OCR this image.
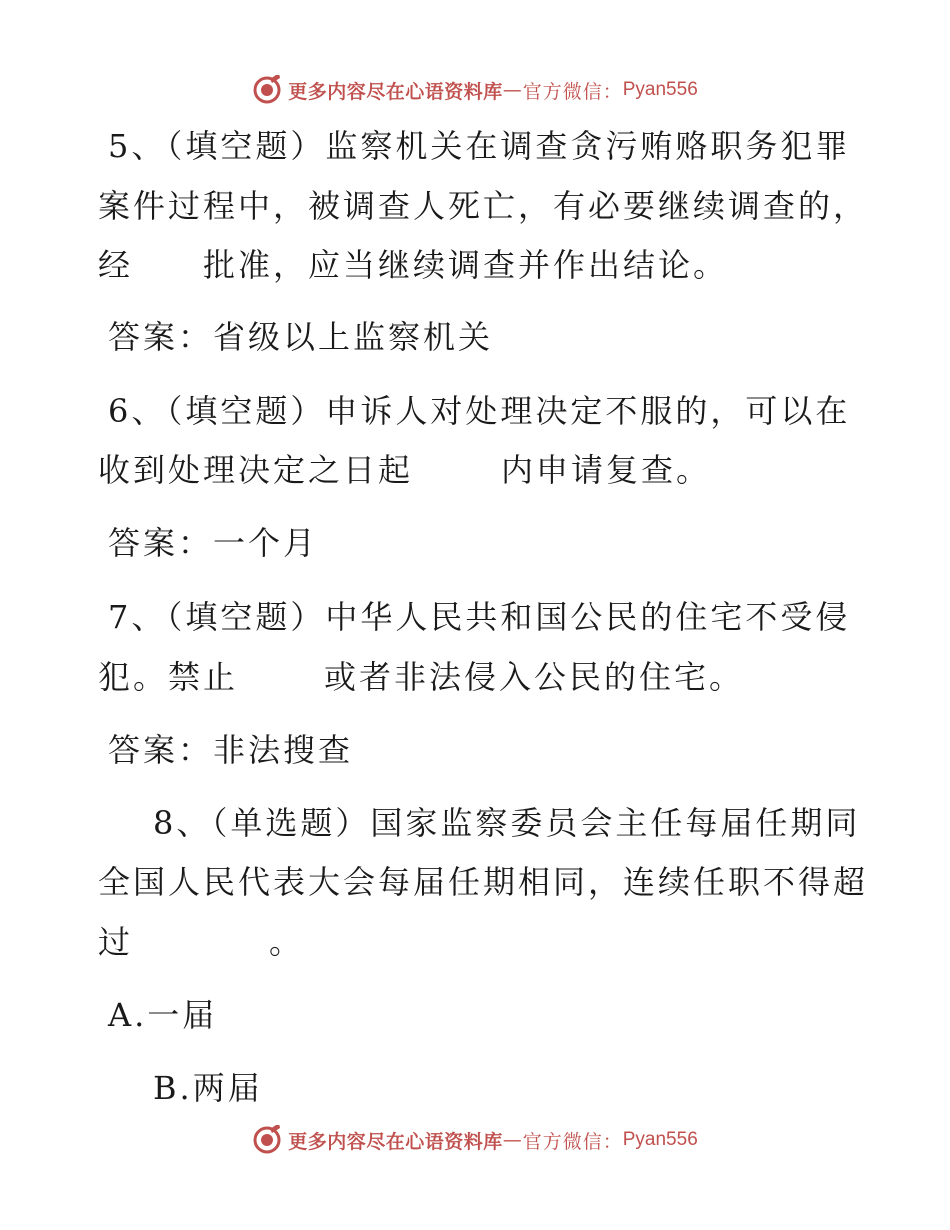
更多内容尽在心语资料库 — 官方微信： Pyan556
5、（填空题）监察机关在调查贪污贿赂职务犯罪
案件过程中，被调查人死亡，有必要继续调查的，
经 批准，应当继续调查并作出结论。
答案：省级以上监察机关
6、（填空题）申诉人对处理决定不服的，可以在
收到处理决定之日起	内申请复查。
答案：一个月
7、（填空题）中华人民共和国公民的住宅不受侵
犯。禁止	或者非法侵入公民的住宅。
答案：非法搜查
8、（单选题）国家监察委员会主任每届任期同
全国人民代表大会每届任期相同，连续任职不得超
过	。
A.一届
B.两届
更多内容尽在心语资料库 — 官方微信： Pyan556
